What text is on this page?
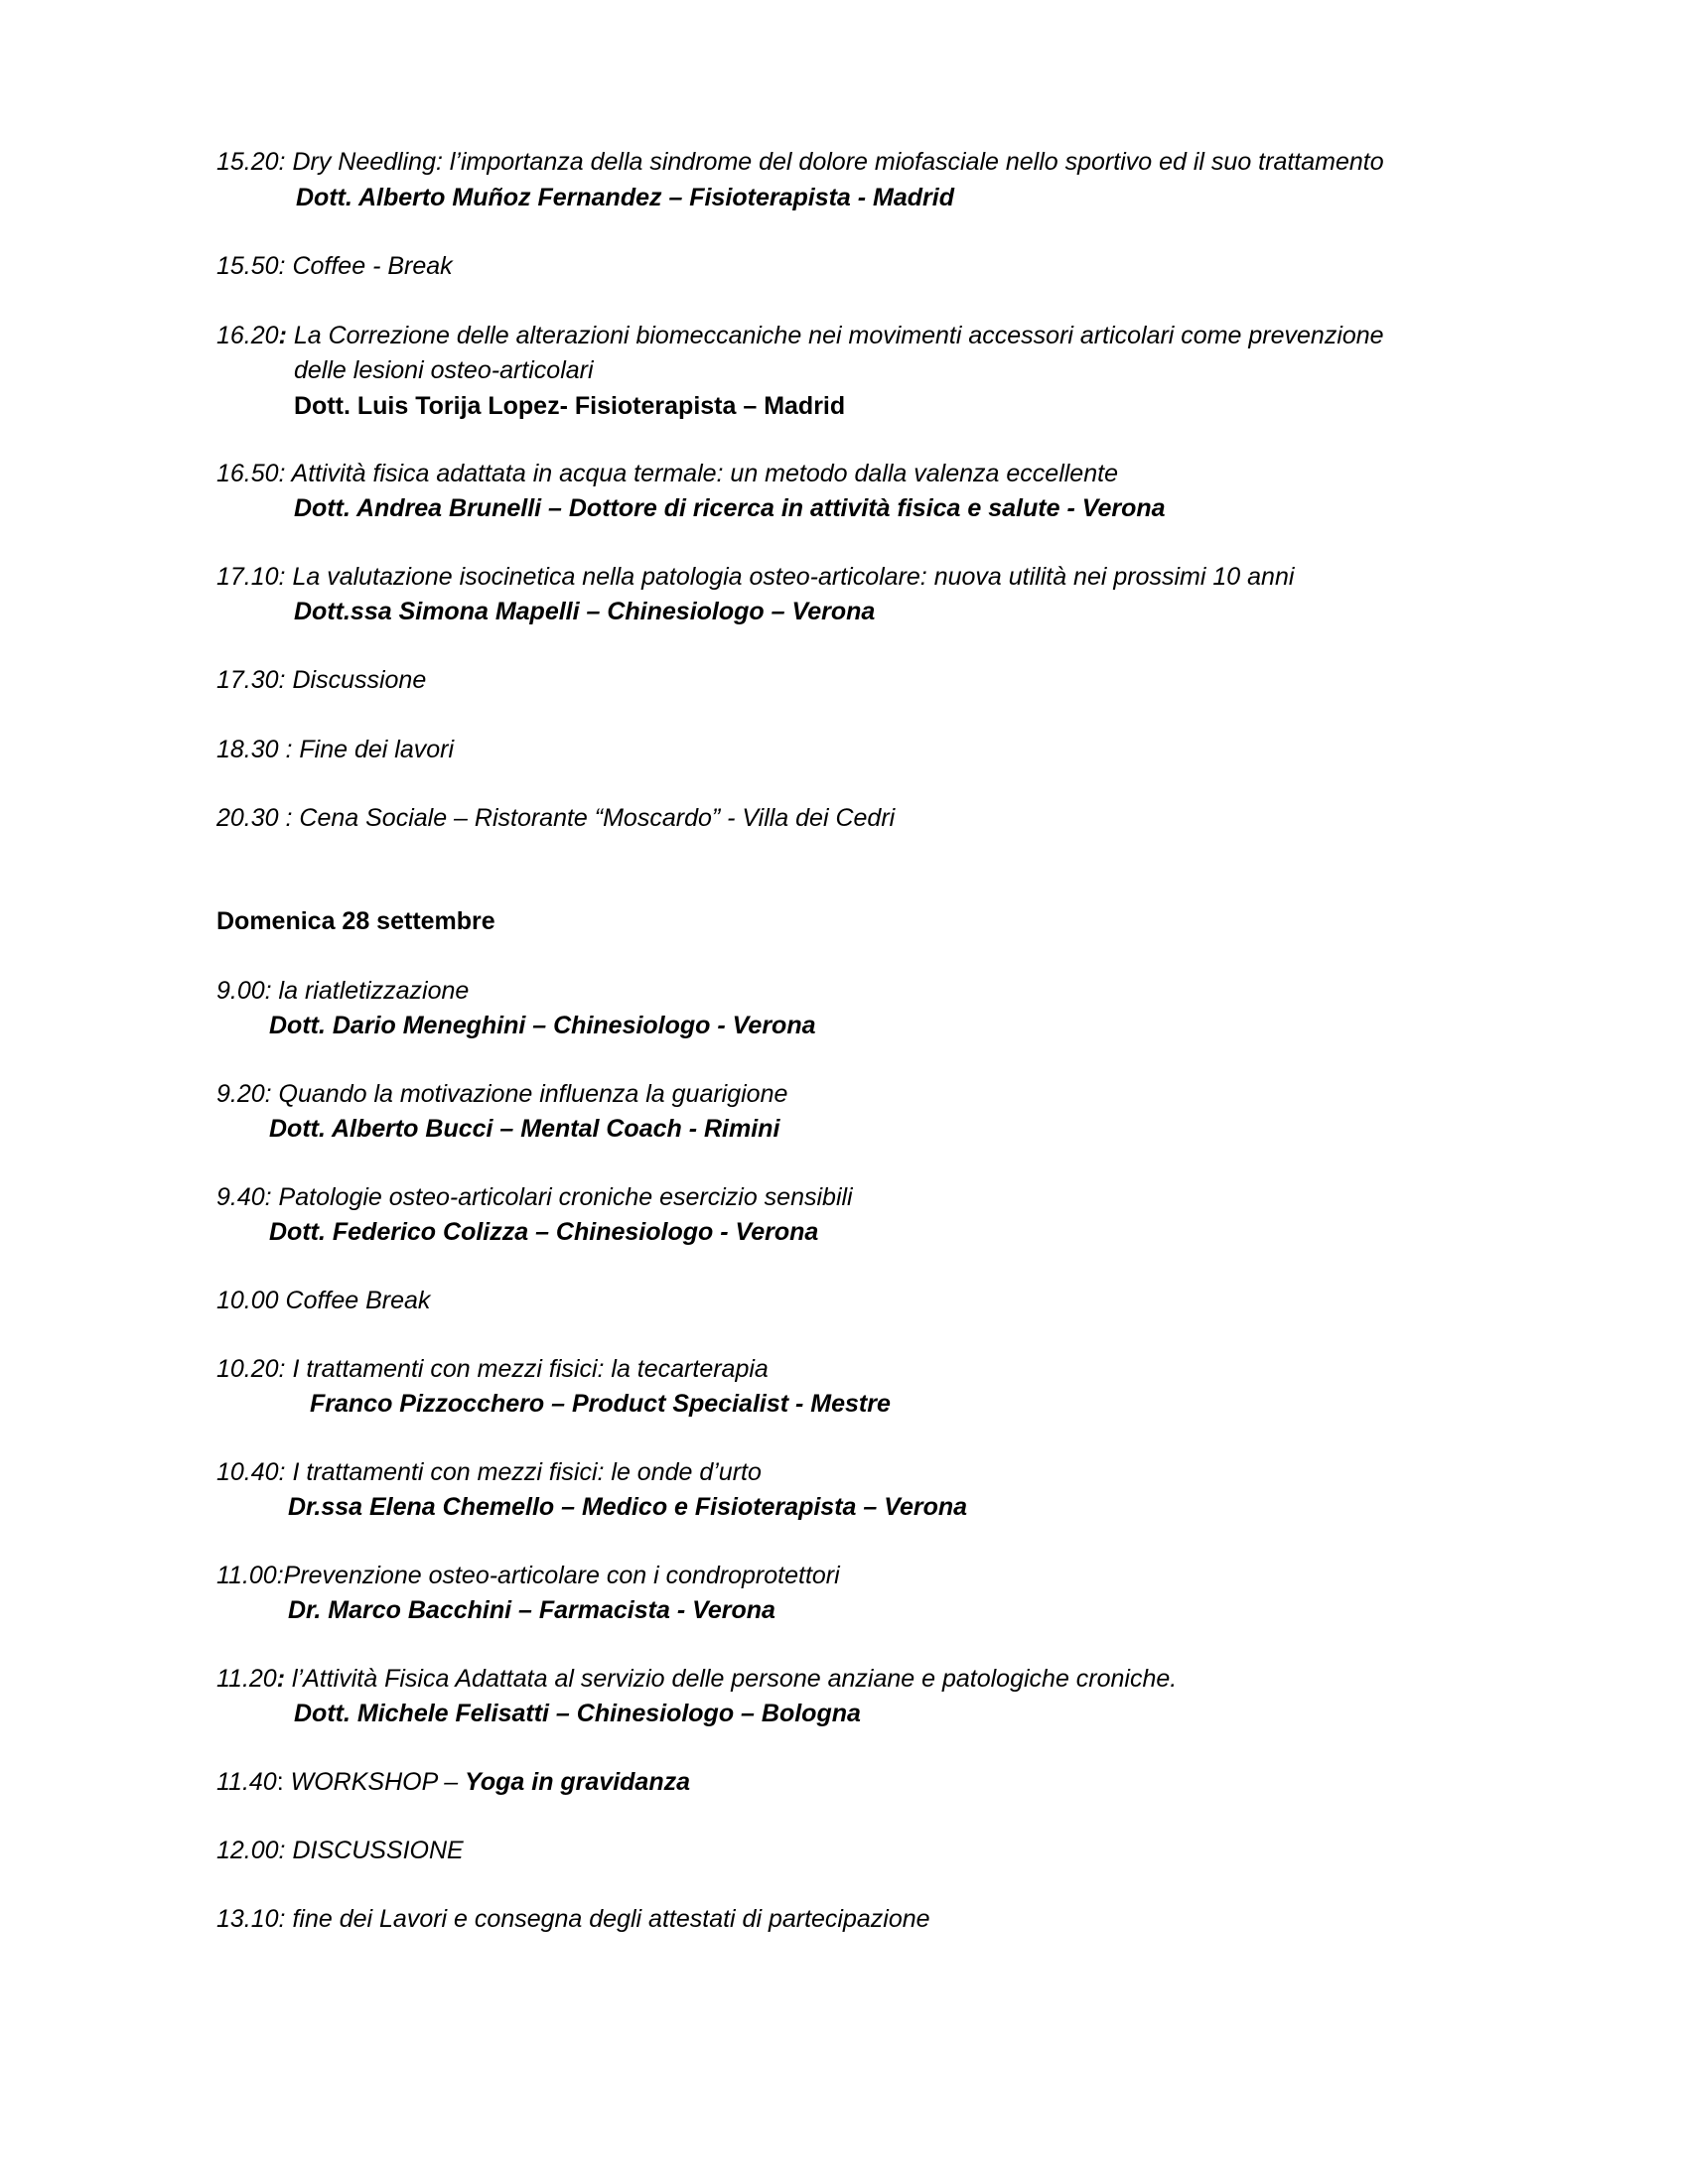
15.20: Dry Needling: l’importanza della sindrome del dolore miofasciale nello sportivo ed il suo trattamento
Dott. Alberto Muñoz Fernandez – Fisioterapista - Madrid
15.50: Coffee - Break
16.20: La Correzione delle alterazioni biomeccaniche nei movimenti accessori articolari come prevenzione
delle lesioni osteo-articolari
Dott. Luis Torija Lopez- Fisioterapista – Madrid
16.50: Attività fisica adattata in acqua termale: un metodo dalla valenza eccellente
Dott. Andrea Brunelli – Dottore di ricerca in attività fisica e salute - Verona
17.10: La valutazione isocinetica nella patologia osteo-articolare: nuova utilità nei prossimi 10 anni
Dott.ssa Simona Mapelli – Chinesiologo – Verona
17.30: Discussione
18.30 : Fine dei lavori
20.30 : Cena Sociale – Ristorante “Moscardo” - Villa dei Cedri
Domenica 28 settembre
9.00: la riatletizzazione
Dott. Dario Meneghini – Chinesiologo - Verona
9.20: Quando la motivazione influenza la guarigione
Dott. Alberto Bucci – Mental Coach - Rimini
9.40: Patologie osteo-articolari croniche esercizio sensibili
Dott. Federico Colizza – Chinesiologo - Verona
10.00 Coffee Break
10.20: I trattamenti con mezzi fisici: la tecarterapia
Franco Pizzocchero – Product Specialist - Mestre
10.40: I trattamenti con mezzi fisici: le onde d’urto
Dr.ssa Elena Chemello – Medico e Fisioterapista – Verona
11.00:Prevenzione osteo-articolare con i condroprotettori
Dr. Marco Bacchini – Farmacista - Verona
11.20: l’Attività Fisica Adattata al servizio delle persone anziane e patologiche croniche.
Dott. Michele Felisatti – Chinesiologo – Bologna
11.40: WORKSHOP – Yoga in gravidanza
12.00: DISCUSSIONE
13.10: fine dei Lavori e consegna degli attestati di partecipazione
